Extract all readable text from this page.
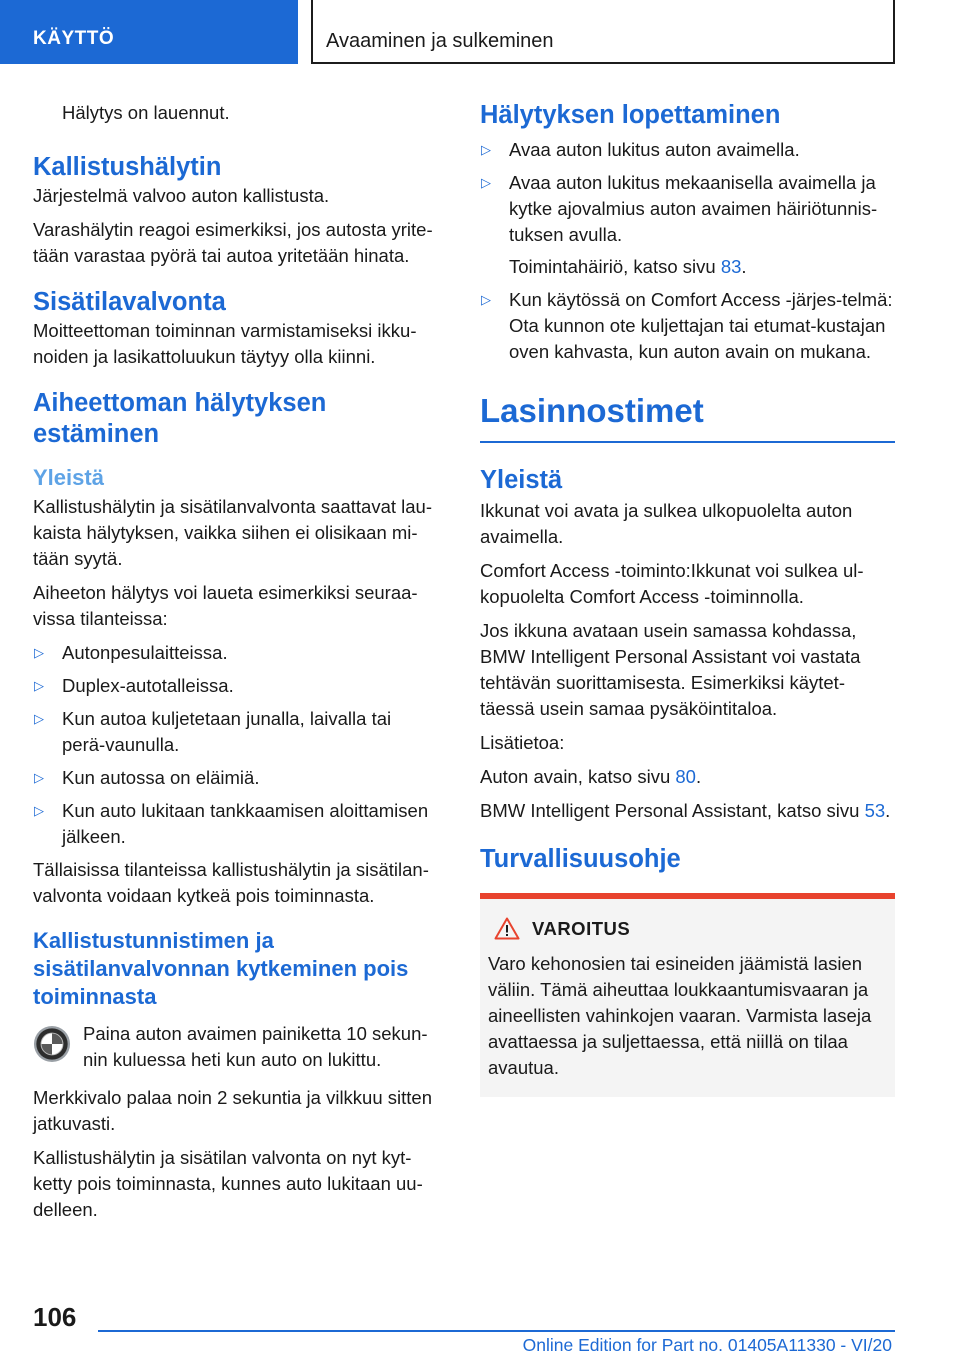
KÄYTTÖ	Avaaminen ja sulkeminen

Hälytys on lauennut.

Kallistushälytin

Järjestelmä valvoo auton kallistusta.

Varashälytin reagoi esimerkiksi, jos autosta yrite-tään varastaa pyörä tai autoa yritetään hinata.

Sisätilavalvonta

Moitteettoman toiminnan varmistamiseksi ikku-noiden ja lasikattoluukun täytyy olla kiinni.

Aiheettoman hälytyksen estäminen
Yleistä

Kallistushälytin ja sisätilanvalvonta saattavat lau-kaista hälytyksen, vaikka siihen ei olisikaan mi-tään syytä.

Aiheeton hälytys voi laueta esimerkiksi seuraa-vissa tilanteissa:

▷ Autonpesulaitteissa.
▷ Duplex-autotalleissa.
▷ Kun autoa kuljetetaan junalla, laivalla tai perä-vaunulla.
▷ Kun autossa on eläimiä.
▷ Kun auto lukitaan tankkaamisen aloittamisen jälkeen.

Tällaisissa tilanteissa kallistushälytin ja sisätilan-valvonta voidaan kytkeä pois toiminnasta.

Kallistustunnistimen ja sisätilanvalvonnan kytkeminen pois toiminnasta

Paina auton avaimen painiketta 10 sekun-nin kuluessa heti kun auto on lukittu.

Merkkivalo palaa noin 2 sekuntia ja vilkkuu sitten jatkuvasti.

Kallistushälytin ja sisätilan valvonta on nyt kyt-ketty pois toiminnasta, kunnes auto lukitaan uu-delleen.

Hälytyksen lopettaminen
▷ Avaa auton lukitus auton avaimella.
▷ Avaa auton lukitus mekaanisella avaimella ja kytke ajovalmius auton avaimen häiriötunnis-tuksen avulla.
Toimintahäiriö, katso sivu 83.
▷ Kun käytössä on Comfort Access -järjes-telmä: Ota kunnon ote kuljettajan tai etumat-kustajan oven kahvasta, kun auton avain on mukana.
Lasinnostimet
Yleistä

Ikkunat voi avata ja sulkea ulkopuolelta auton avaimella.

Comfort Access -toiminto:Ikkunat voi sulkea ul-kopuolelta Comfort Access -toiminnolla.

Jos ikkuna avataan usein samassa kohdassa, BMW Intelligent Personal Assistant voi vastata tehtävän suorittamisesta. Esimerkiksi käytet-täessä usein samaa pysäköintitaloa.

Lisätietoa:

Auton avain, katso sivu 80.

BMW Intelligent Personal Assistant, katso sivu 53.

Turvallisuusohje
VAROITUS

Varo kehonosien tai esineiden jäämistä lasien väliin. Tämä aiheuttaa loukkaantumisvaaran ja aineellisten vahinkojen vaaran. Varmista laseja avattaessa ja suljettaessa, että niillä on tilaa avautua.

106
Online Edition for Part no. 01405A11330 - VI/20
